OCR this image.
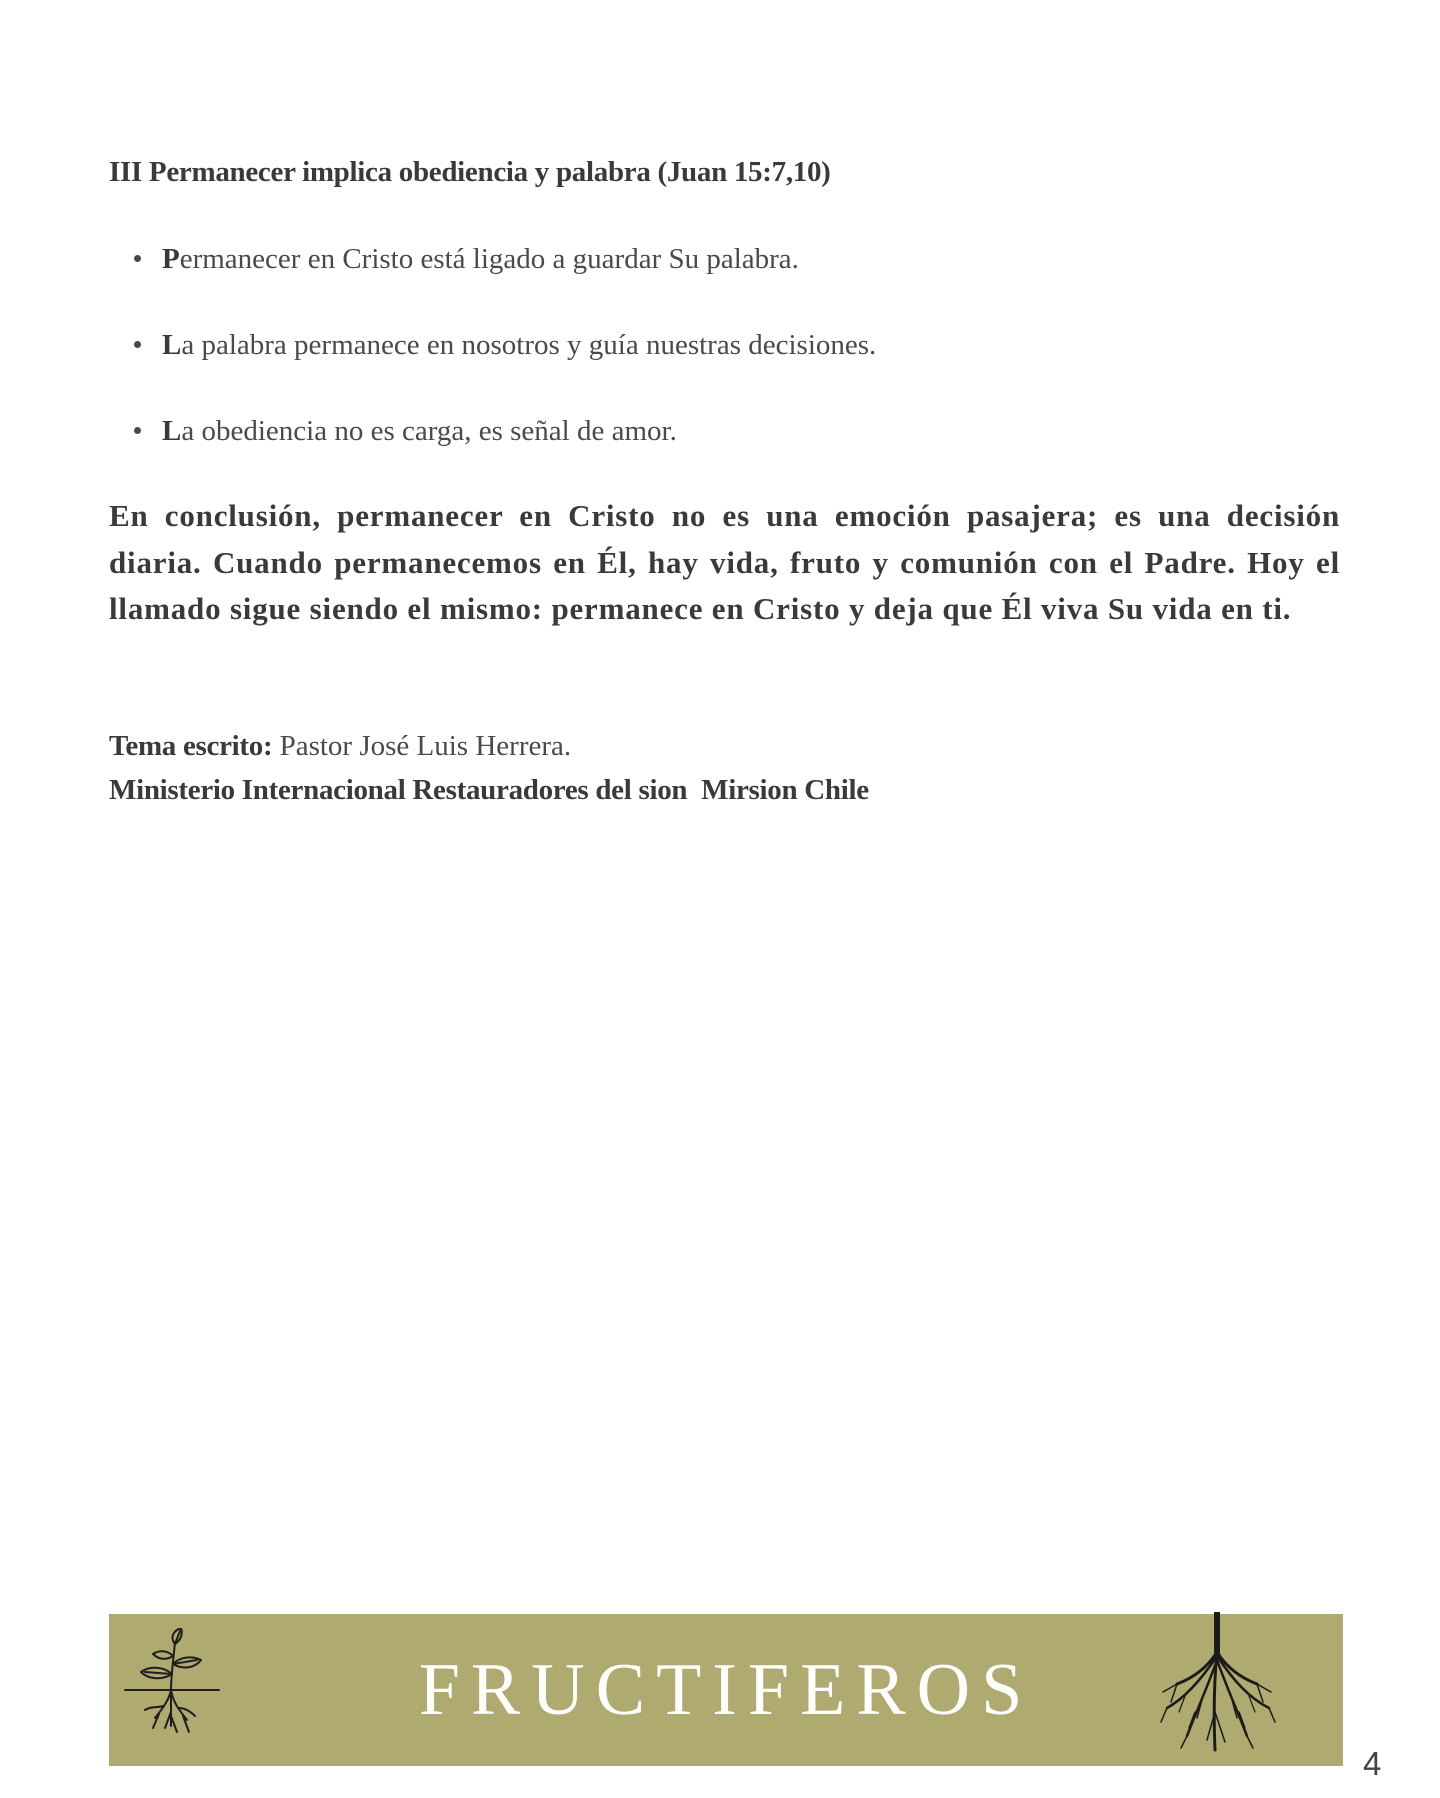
III Permanecer implica obediencia y palabra (Juan 15:7,10)
Permanecer en Cristo está ligado a guardar Su palabra.
La palabra permanece en nosotros y guía nuestras decisiones.
La obediencia no es carga, es señal de amor.

En conclusión, permanecer en Cristo no es una emoción pasajera; es una decisión diaria. Cuando permanecemos en Él, hay vida, fruto y comunión con el Padre. Hoy el llamado sigue siendo el mismo: permanece en Cristo y deja que Él viva Su vida en ti.

Tema escrito: Pastor José Luis Herrera.
Ministerio Internacional Restauradores del sion  Mirsion Chile
FRUCTIFEROS
4
